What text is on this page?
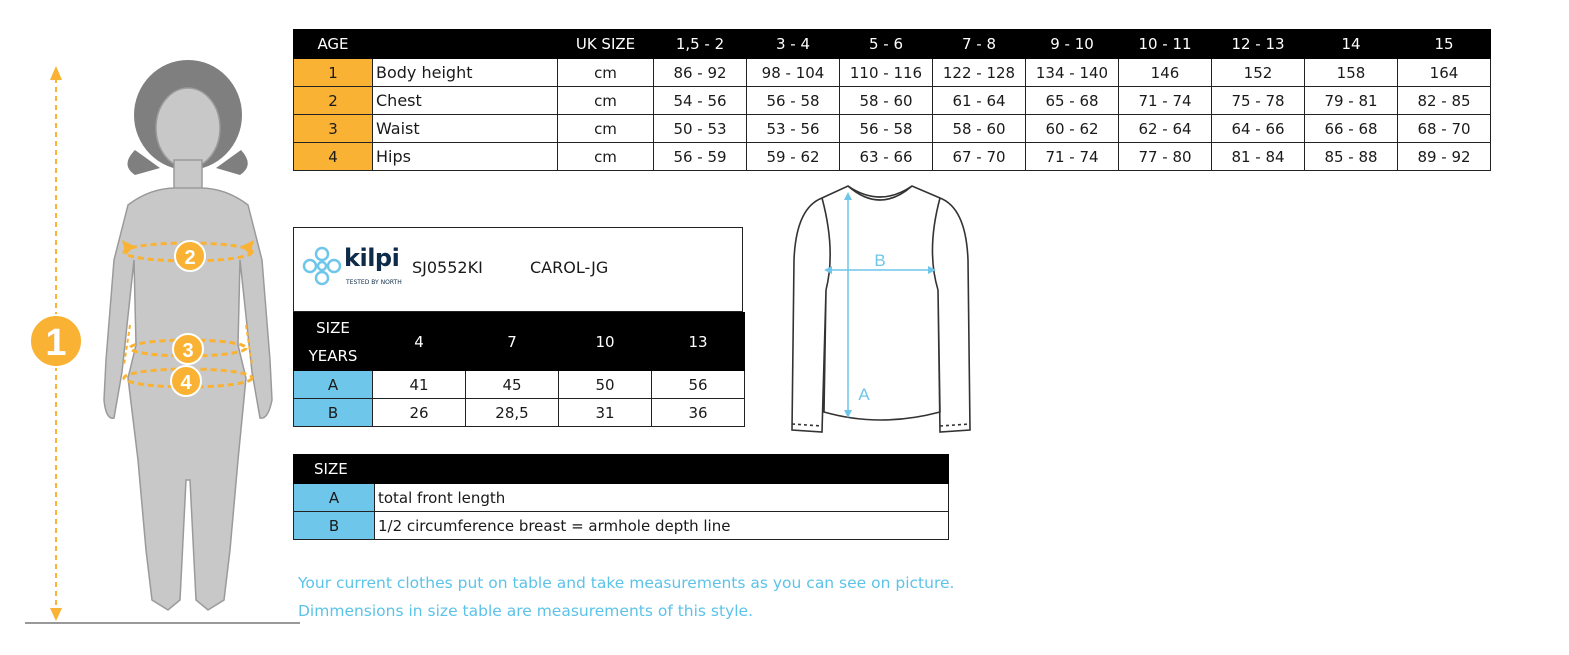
1
2
3
4
AGE		UK SIZE	1,5 - 2	3 - 4	5 - 6	7 - 8	9 - 10	10 - 11	12 - 13	14	15
1	Body height	cm	86 - 92	98 - 104	110 - 116	122 - 128	134 - 140	146	152	158	164
2	Chest	cm	54 - 56	56 - 58	58 - 60	61 - 64	65 - 68	71 - 74	75 - 78	79 - 81	82 - 85
3	Waist	cm	50 - 53	53 - 56	56 - 58	58 - 60	60 - 62	62 - 64	64 - 66	66 - 68	68 - 70
4	Hips	cm	56 - 59	59 - 62	63 - 66	67 - 70	71 - 74	77 - 80	81 - 84	85 - 88	89 - 92
kilpi
TESTED BY NORTH
SJ0552KI	CAROL-JG
SIZE
YEARS	4	7	10	13
A	41	45	50	56
B	26	28,5	31	36
B
A
SIZE	
A	total front length
B	1/2 circumference breast = armhole depth line
Your current clothes put on table and take measurements as you can see on picture.
Dimmensions in size table are measurements of this style.
